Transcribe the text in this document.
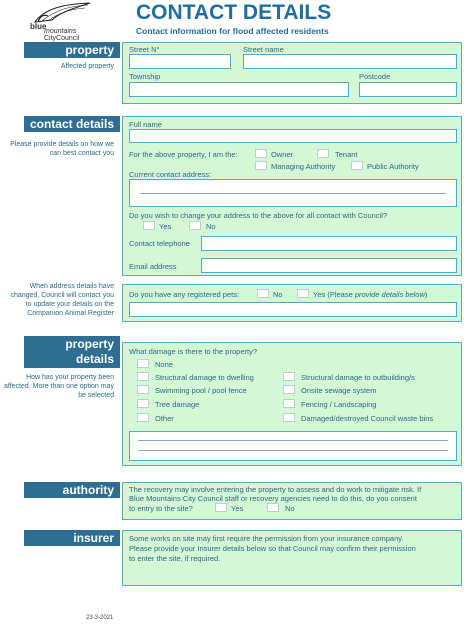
blue
mountains
CityCouncil
CONTACT DETAILS
Contact information for flood affected residents
property
Affected property
Street N°	Street name
Township	Postcode
contact details
Please provide details on how we can best contact you
Full name
For the above property, I am the:	Owner	Tenant
Managing Authority	Public Authority
Current contact address:
Do you wish to change your address to the above for all contact with Council?
Yes	No
Contact telephone
Email address
When address details have changed, Council will contact you to update your details on the Companion Animal Register
Do you have any registered pets:	No	Yes (Please provide details below)
property
details
How has your property been affected. More than one option may be selected
What damage is there to the property?
None
Structural damage to dwelling
Swimming pool / pool fence
Tree damage
Other
Structural damage to outbuilding/s
Onsite sewage system
Fencing / Landscaping
Damaged/destroyed Council waste bins
authority	The recovery may involve entering the property to assess and do work to mitigate risk. If
Blue Mountains City Council staff or recovery agencies need to do this, do you consent
to entry to the site?	Yes	No
insurer	Some works on site may first require the permission from your insurance company.
Please provide your Insurer details below so that Council may confirm their permission
to enter the site, if required.
23-3-2021
